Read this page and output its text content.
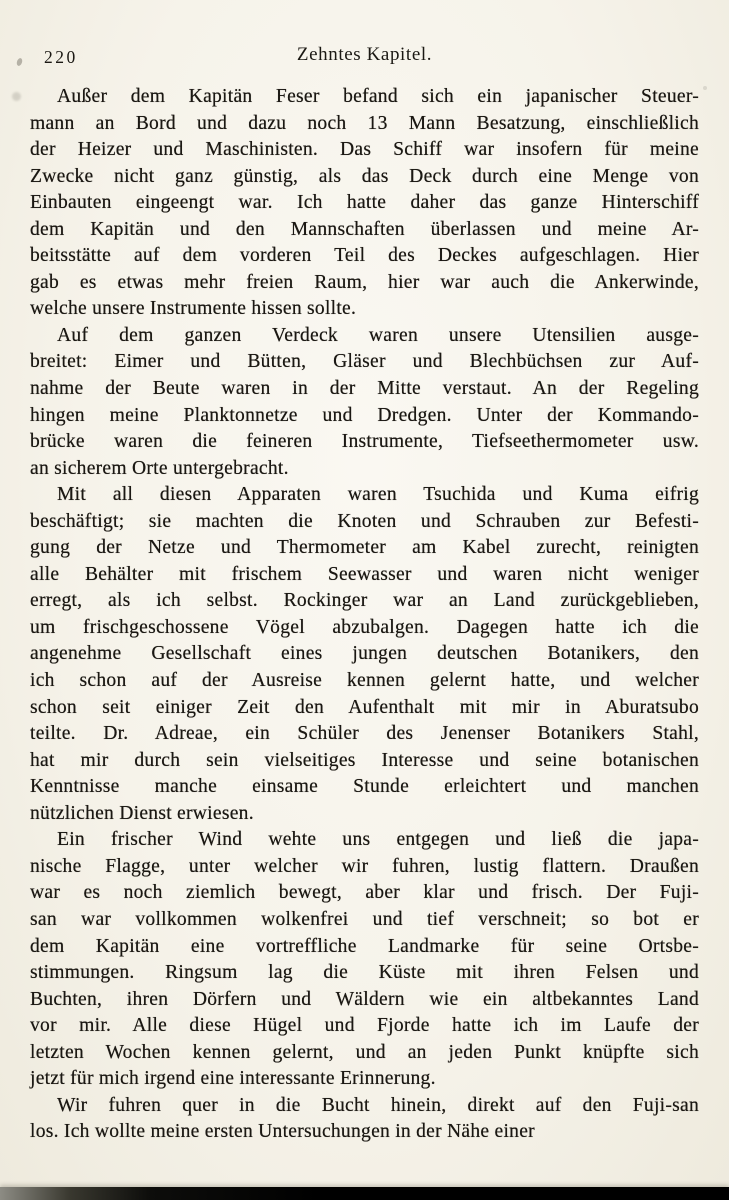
220	Zehntes Kapitel.
Außer dem Kapitän Feser befand sich ein japanischer Steuer-
mann an Bord und dazu noch 13 Mann Besatzung, einschließlich
der Heizer und Maschinisten. Das Schiff war insofern für meine
Zwecke nicht ganz günstig, als das Deck durch eine Menge von
Einbauten eingeengt war. Ich hatte daher das ganze Hinterschiff
dem Kapitän und den Mannschaften überlassen und meine Ar-
beitsstätte auf dem vorderen Teil des Deckes aufgeschlagen. Hier
gab es etwas mehr freien Raum, hier war auch die Ankerwinde,
welche unsere Instrumente hissen sollte.
Auf dem ganzen Verdeck waren unsere Utensilien ausge-
breitet: Eimer und Bütten, Gläser und Blechbüchsen zur Auf-
nahme der Beute waren in der Mitte verstaut. An der Regeling
hingen meine Planktonnetze und Dredgen. Unter der Kommando-
brücke waren die feineren Instrumente, Tiefseethermometer usw.
an sicherem Orte untergebracht.
Mit all diesen Apparaten waren Tsuchida und Kuma eifrig
beschäftigt; sie machten die Knoten und Schrauben zur Befesti-
gung der Netze und Thermometer am Kabel zurecht, reinigten
alle Behälter mit frischem Seewasser und waren nicht weniger
erregt, als ich selbst. Rockinger war an Land zurückgeblieben,
um frischgeschossene Vögel abzubalgen. Dagegen hatte ich die
angenehme Gesellschaft eines jungen deutschen Botanikers, den
ich schon auf der Ausreise kennen gelernt hatte, und welcher
schon seit einiger Zeit den Aufenthalt mit mir in Aburatsubo
teilte. Dr. Adreae, ein Schüler des Jenenser Botanikers Stahl,
hat mir durch sein vielseitiges Interesse und seine botanischen
Kenntnisse manche einsame Stunde erleichtert und manchen
nützlichen Dienst erwiesen.
Ein frischer Wind wehte uns entgegen und ließ die japa-
nische Flagge, unter welcher wir fuhren, lustig flattern. Draußen
war es noch ziemlich bewegt, aber klar und frisch. Der Fuji-
san war vollkommen wolkenfrei und tief verschneit; so bot er
dem Kapitän eine vortreffliche Landmarke für seine Ortsbe-
stimmungen. Ringsum lag die Küste mit ihren Felsen und
Buchten, ihren Dörfern und Wäldern wie ein altbekanntes Land
vor mir. Alle diese Hügel und Fjorde hatte ich im Laufe der
letzten Wochen kennen gelernt, und an jeden Punkt knüpfte sich
jetzt für mich irgend eine interessante Erinnerung.
Wir fuhren quer in die Bucht hinein, direkt auf den Fuji-san
los. Ich wollte meine ersten Untersuchungen in der Nähe einer
